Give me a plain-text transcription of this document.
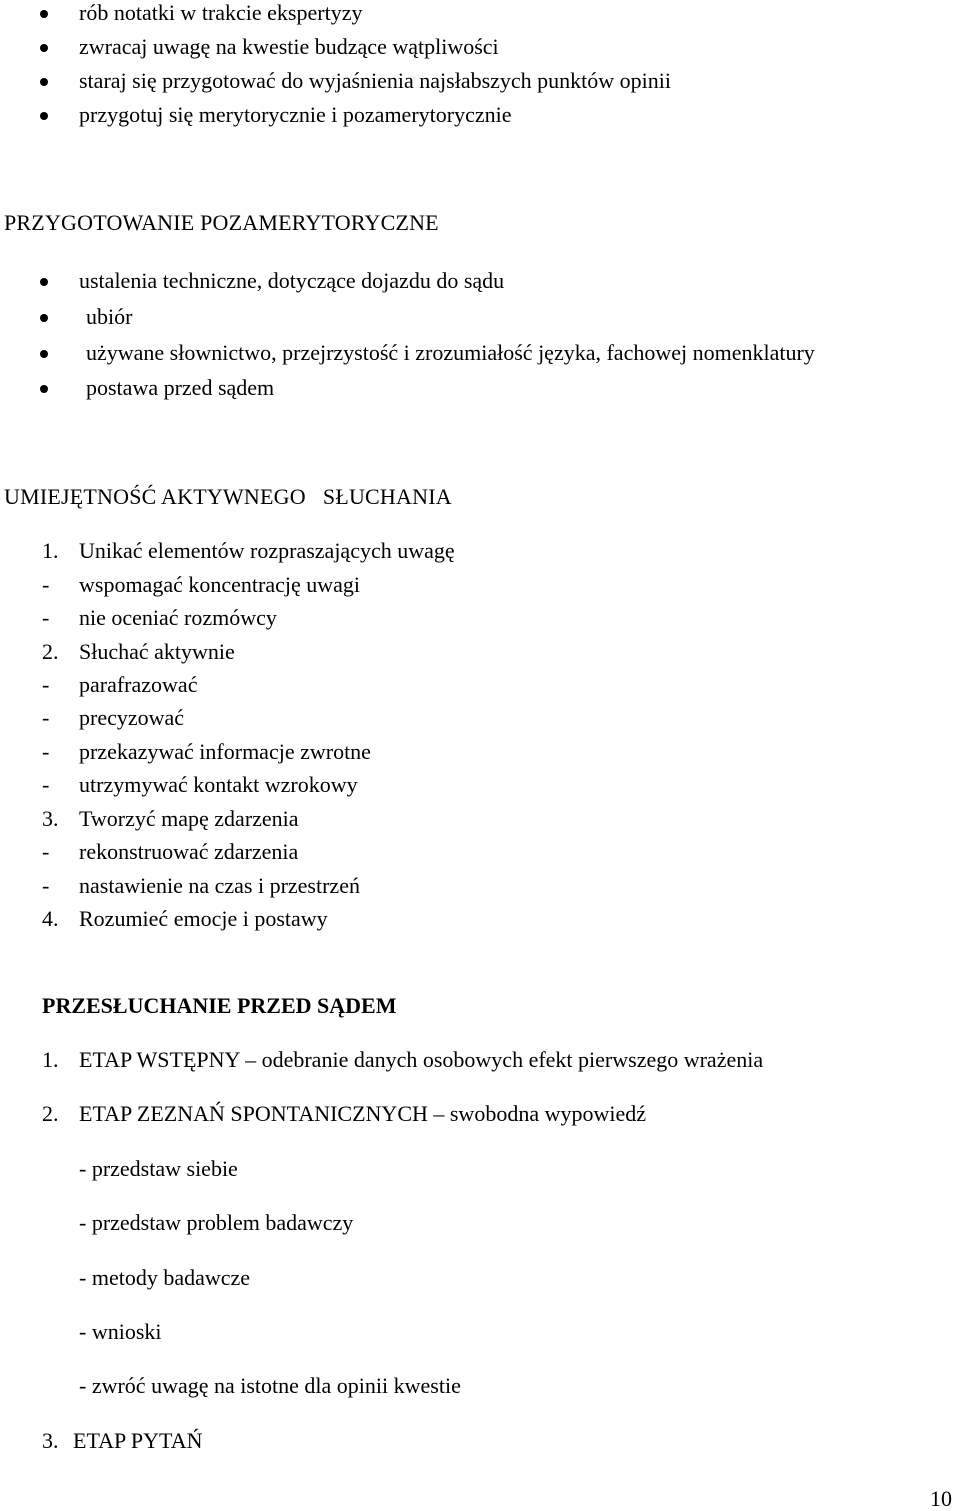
rób notatki w trakcie ekspertyzy
zwracaj uwagę na kwestie budzące wątpliwości
staraj się przygotować do wyjaśnienia najsłabszych punktów opinii
przygotuj się merytorycznie i pozamerytorycznie
PRZYGOTOWANIE POZAMERYTORYCZNE
ustalenia techniczne, dotyczące dojazdu do sądu
ubiór
używane słownictwo, przejrzystość i zrozumiałość języka, fachowej nomenklatury
postawa przed sądem
UMIEJĘTNOŚĆ AKTYWNEGO   SŁUCHANIA
1. Unikać elementów rozpraszających uwagę
- wspomagać koncentrację uwagi
- nie oceniać rozmówcy
2. Słuchać aktywnie
- parafrazować
- precyzować
- przekazywać informacje zwrotne
- utrzymywać kontakt wzrokowy
3. Tworzyć mapę zdarzenia
- rekonstruować zdarzenia
- nastawienie na czas i przestrzeń
4. Rozumieć emocje i postawy
PRZESŁUCHANIE PRZED SĄDEM
1. ETAP WSTĘPNY – odebranie danych osobowych efekt pierwszego wrażenia
2. ETAP ZEZNAŃ SPONTANICZNYCH – swobodna wypowiedź
- przedstaw siebie
- przedstaw problem badawczy
- metody badawcze
- wnioski
- zwróć uwagę na istotne dla opinii kwestie
3. ETAP PYTAŃ
10
